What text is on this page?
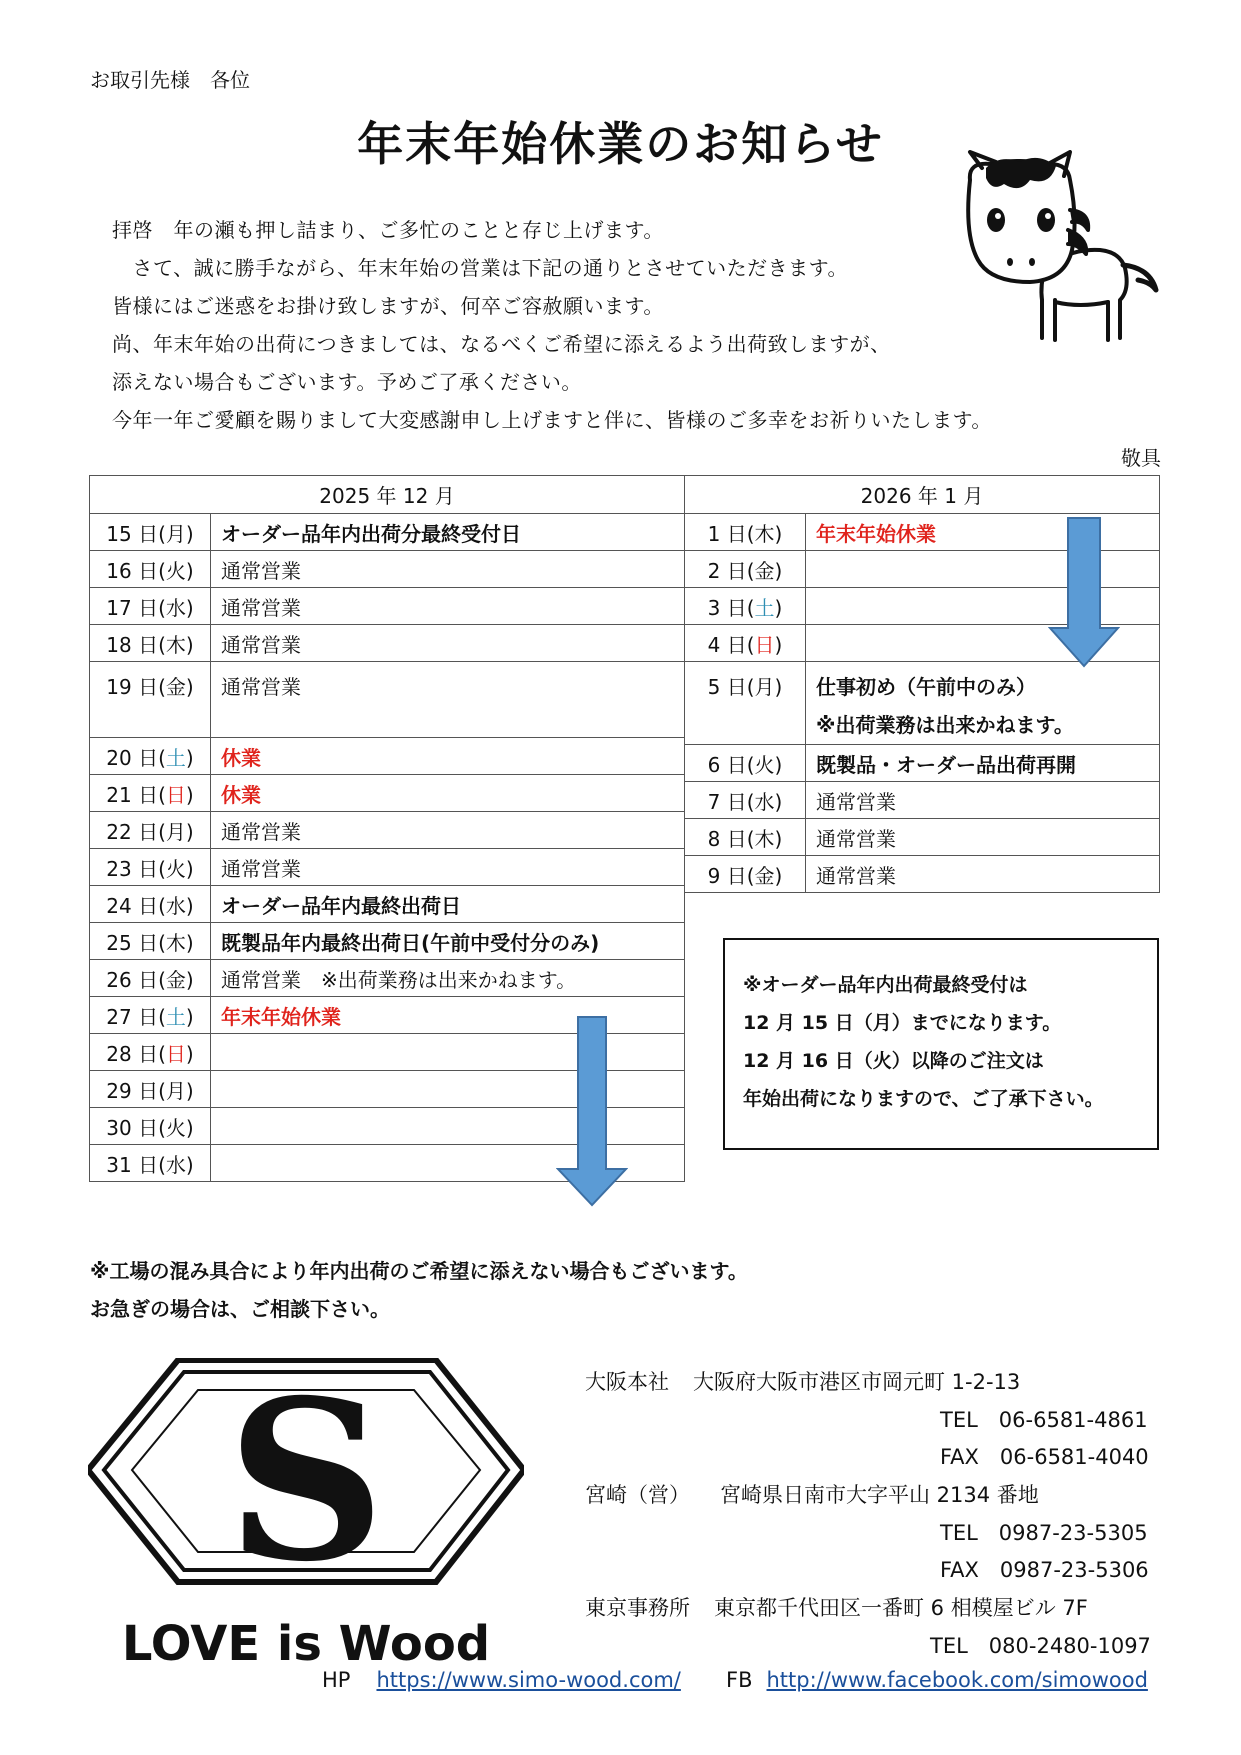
お取引先様　各位
年末年始休業のお知らせ
拝啓　年の瀬も押し詰まり、ご多忙のことと存じ上げます。
　さて、誠に勝手ながら、年末年始の営業は下記の通りとさせていただきます。
皆様にはご迷惑をお掛け致しますが、何卒ご容赦願います。
尚、年末年始の出荷につきましては、なるべくご希望に添えるよう出荷致しますが、
添えない場合もございます。予めご了承ください。
今年一年ご愛顧を賜りまして大変感謝申し上げますと伴に、皆様のご多幸をお祈りいたします。
敬具
2025 年 12 月	
15 日(月)	オーダー品年内出荷分最終受付日
16 日(火)	通常営業
17 日(水)	通常営業
18 日(木)	通常営業

19 日(金)	通常営業

20 日(土)	休業
21 日(日)	休業
22 日(月)	通常営業
23 日(火)	通常営業
24 日(水)	オーダー品年内最終出荷日
25 日(木)	既製品年内最終出荷日(午前中受付分のみ)
26 日(金)	通常営業　※出荷業務は出来かねます。
27 日(土)	年末年始休業
28 日(日)	
29 日(月)	
30 日(火)	
31 日(水)	
2026 年 1 月	
1 日(木)	年末年始休業
2 日(金)	
3 日(土)	
4 日(日)	

5 日(月)	仕事初め（午前中のみ）
※出荷業務は出来かねます。

6 日(火)	既製品・オーダー品出荷再開
7 日(水)	通常営業
8 日(木)	通常営業
9 日(金)	通常営業
※オーダー品年内出荷最終受付は
12 月 15 日（月）までになります。
12 月 16 日（火）以降のご注文は
年始出荷になりますので、ご了承下さい。
※工場の混み具合により年内出荷のご希望に添えない場合もございます。
お急ぎの場合は、ご相談下さい。
S
LOVE is Wood
大阪本社 大阪府大阪市港区市岡元町 1-2-13
TEL　06-6581-4861
FAX　06-6581-4040
宮崎（営） 宮崎県日南市大字平山 2134 番地
TEL　0987-23-5305
FAX　0987-23-5306
東京事務所 東京都千代田区一番町 6 相模屋ビル 7F
TEL　080-2480-1097
HP https://www.simo-wood.com/ FB http://www.facebook.com/simowood
